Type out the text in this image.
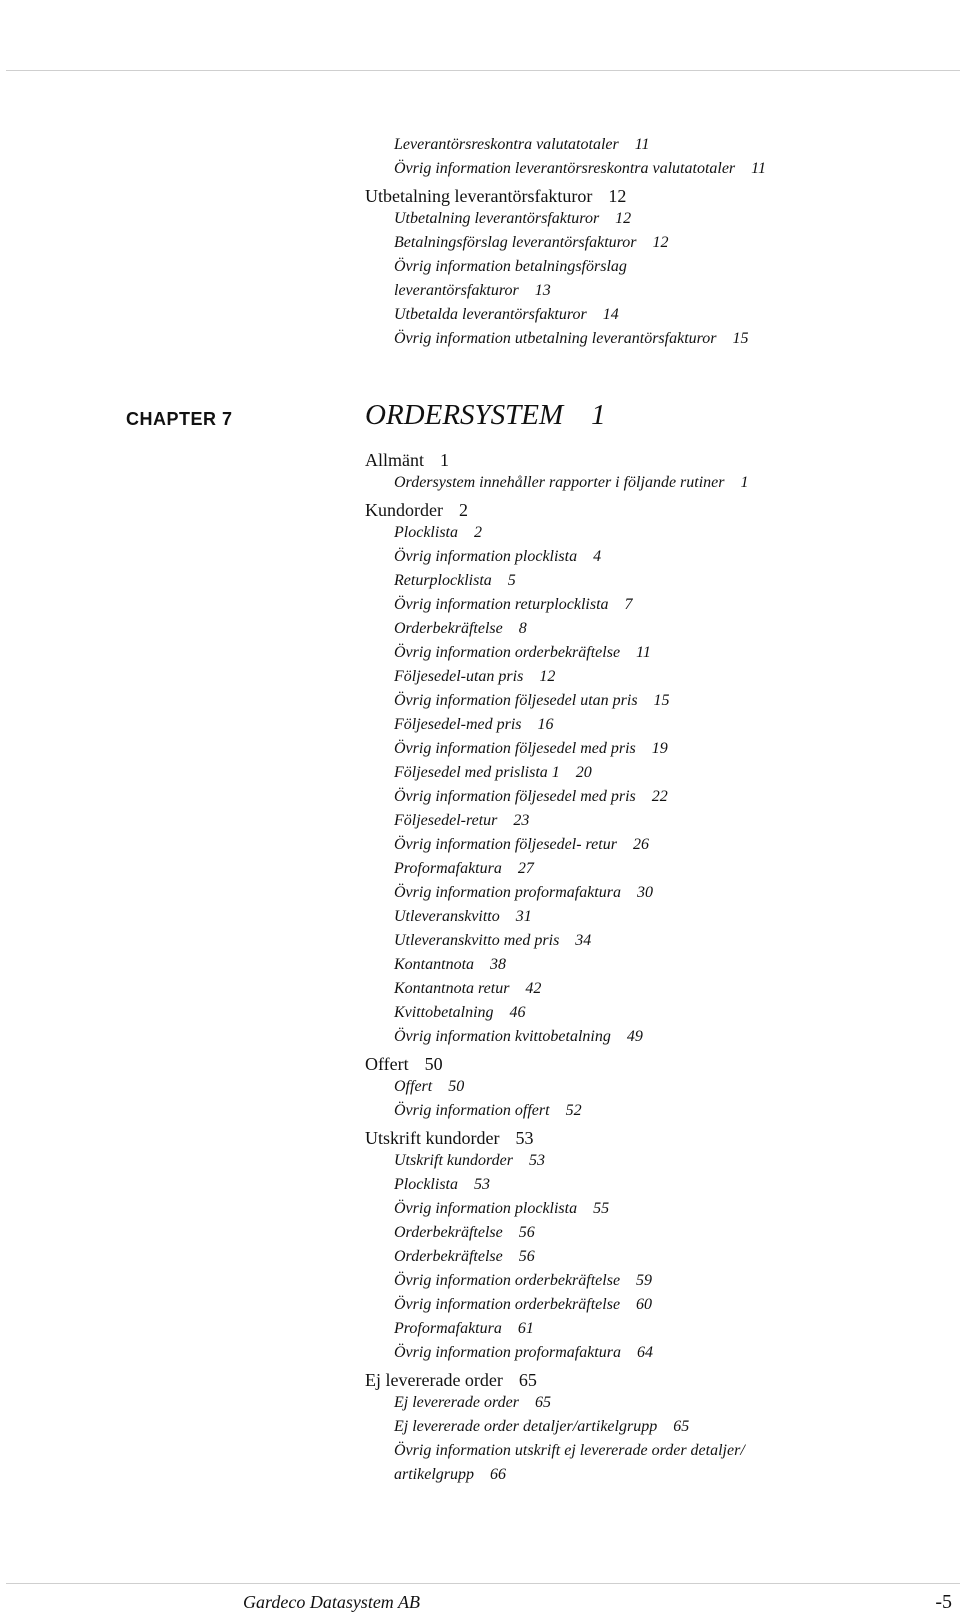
Leverantörsreskontra valutatotaler 11
Övrig information leverantörsreskontra valutatotaler 11
Utbetalning leverantörsfakturor 12
Utbetalning leverantörsfakturor 12
Betalningsförslag leverantörsfakturor 12
Övrig information betalningsförslag
leverantörsfakturor 13
Utbetalda leverantörsfakturor 14
Övrig information utbetalning leverantörsfakturor 15
CHAPTER 7	ORDERSYSTEM 1
Allmänt 1
Ordersystem innehåller rapporter i följande rutiner 1
Kundorder 2
Plocklista 2
Övrig information plocklista 4
Returplocklista 5
Övrig information returplocklista 7
Orderbekräftelse 8
Övrig information orderbekräftelse 11
Följesedel-utan pris 12
Övrig information följesedel utan pris 15
Följesedel-med pris 16
Övrig information följesedel med pris 19
Följesedel med prislista 1 20
Övrig information följesedel med pris 22
Följesedel-retur 23
Övrig information följesedel- retur 26
Proformafaktura 27
Övrig information proformafaktura 30
Utleveranskvitto 31
Utleveranskvitto med pris 34
Kontantnota 38
Kontantnota retur 42
Kvittobetalning 46
Övrig information kvittobetalning 49
Offert 50
Offert 50
Övrig information offert 52
Utskrift kundorder 53
Utskrift kundorder 53
Plocklista 53
Övrig information plocklista 55
Orderbekräftelse 56
Orderbekräftelse 56
Övrig information orderbekräftelse 59
Övrig information orderbekräftelse 60
Proformafaktura 61
Övrig information proformafaktura 64
Ej levererade order 65
Ej levererade order 65
Ej levererade order detaljer/artikelgrupp 65
Övrig information utskrift ej levererade order detaljer/
artikelgrupp 66
Gardeco Datasystem AB	-5
